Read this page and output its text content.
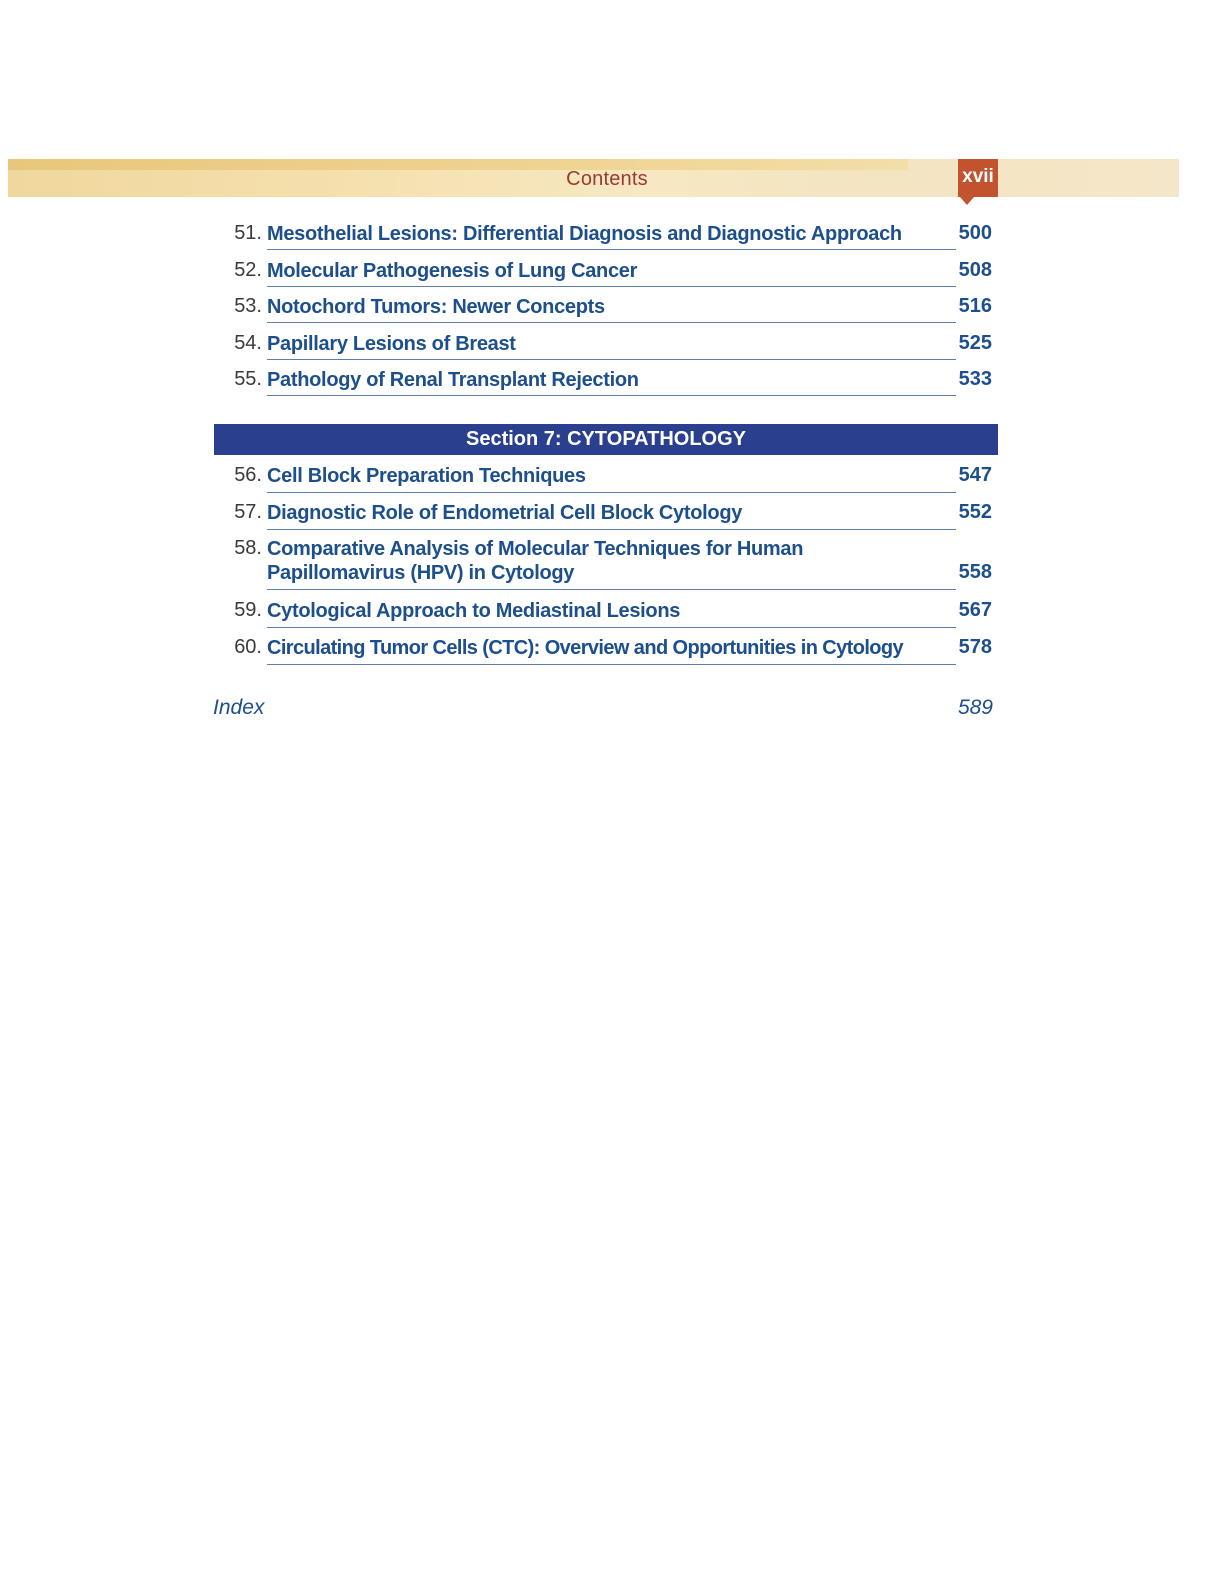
Contents	xvii
51. Mesothelial Lesions: Differential Diagnosis and Diagnostic Approach	500
52. Molecular Pathogenesis of Lung Cancer	508
53. Notochord Tumors: Newer Concepts	516
54. Papillary Lesions of Breast	525
55. Pathology of Renal Transplant Rejection	533
56. Cell Block Preparation Techniques	547
57. Diagnostic Role of Endometrial Cell Block Cytology	552
58. Comparative Analysis of Molecular Techniques for Human
Papillomavirus (HPV) in Cytology	558
59. Cytological Approach to Mediastinal Lesions	567
60. Circulating Tumor Cells (CTC): Overview and Opportunities in Cytology	578
Section 7: CYTOPATHOLOGY
Index	589
